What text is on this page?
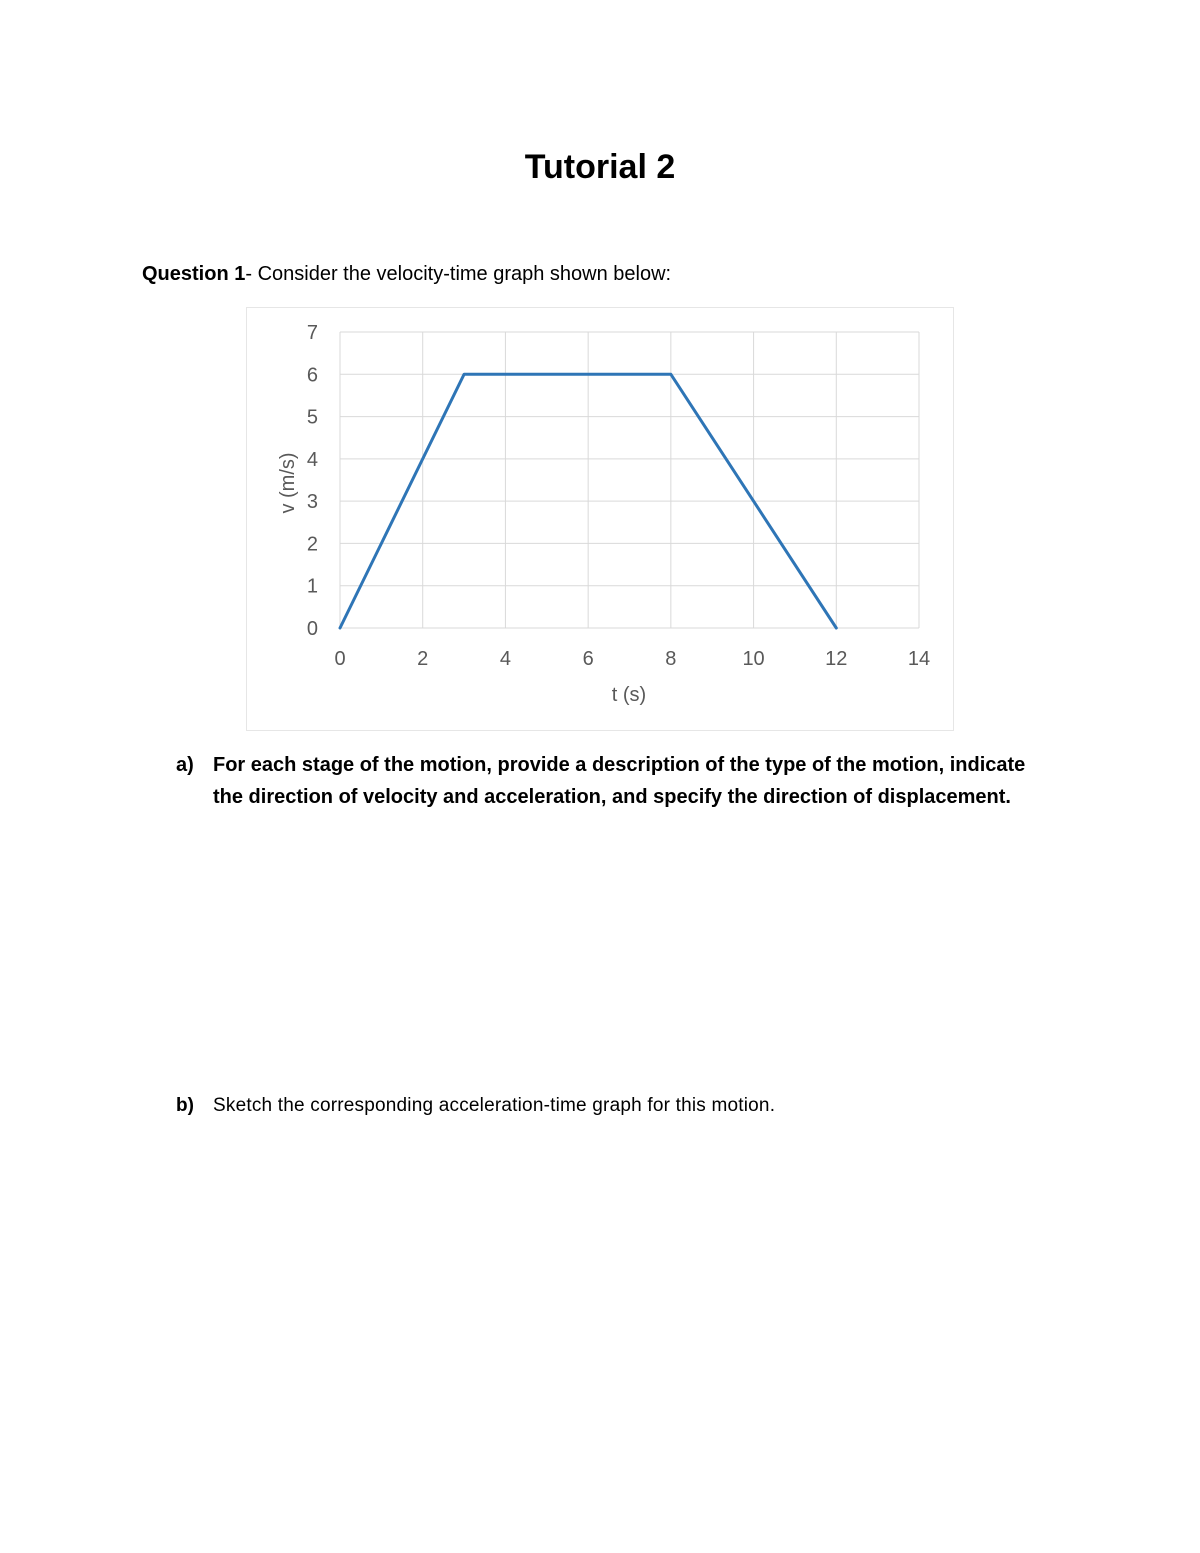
Tutorial 2
Question 1- Consider the velocity-time graph shown below:
0	2	4	6	8	10	12	14
0
1
2
3
4
5
6
7
t (s)
v (m/s)
a) For each stage of the motion, provide a description of the type of the motion, indicate the direction of velocity and acceleration, and specify the direction of displacement.
b) Sketch the corresponding acceleration-time graph for this motion.
